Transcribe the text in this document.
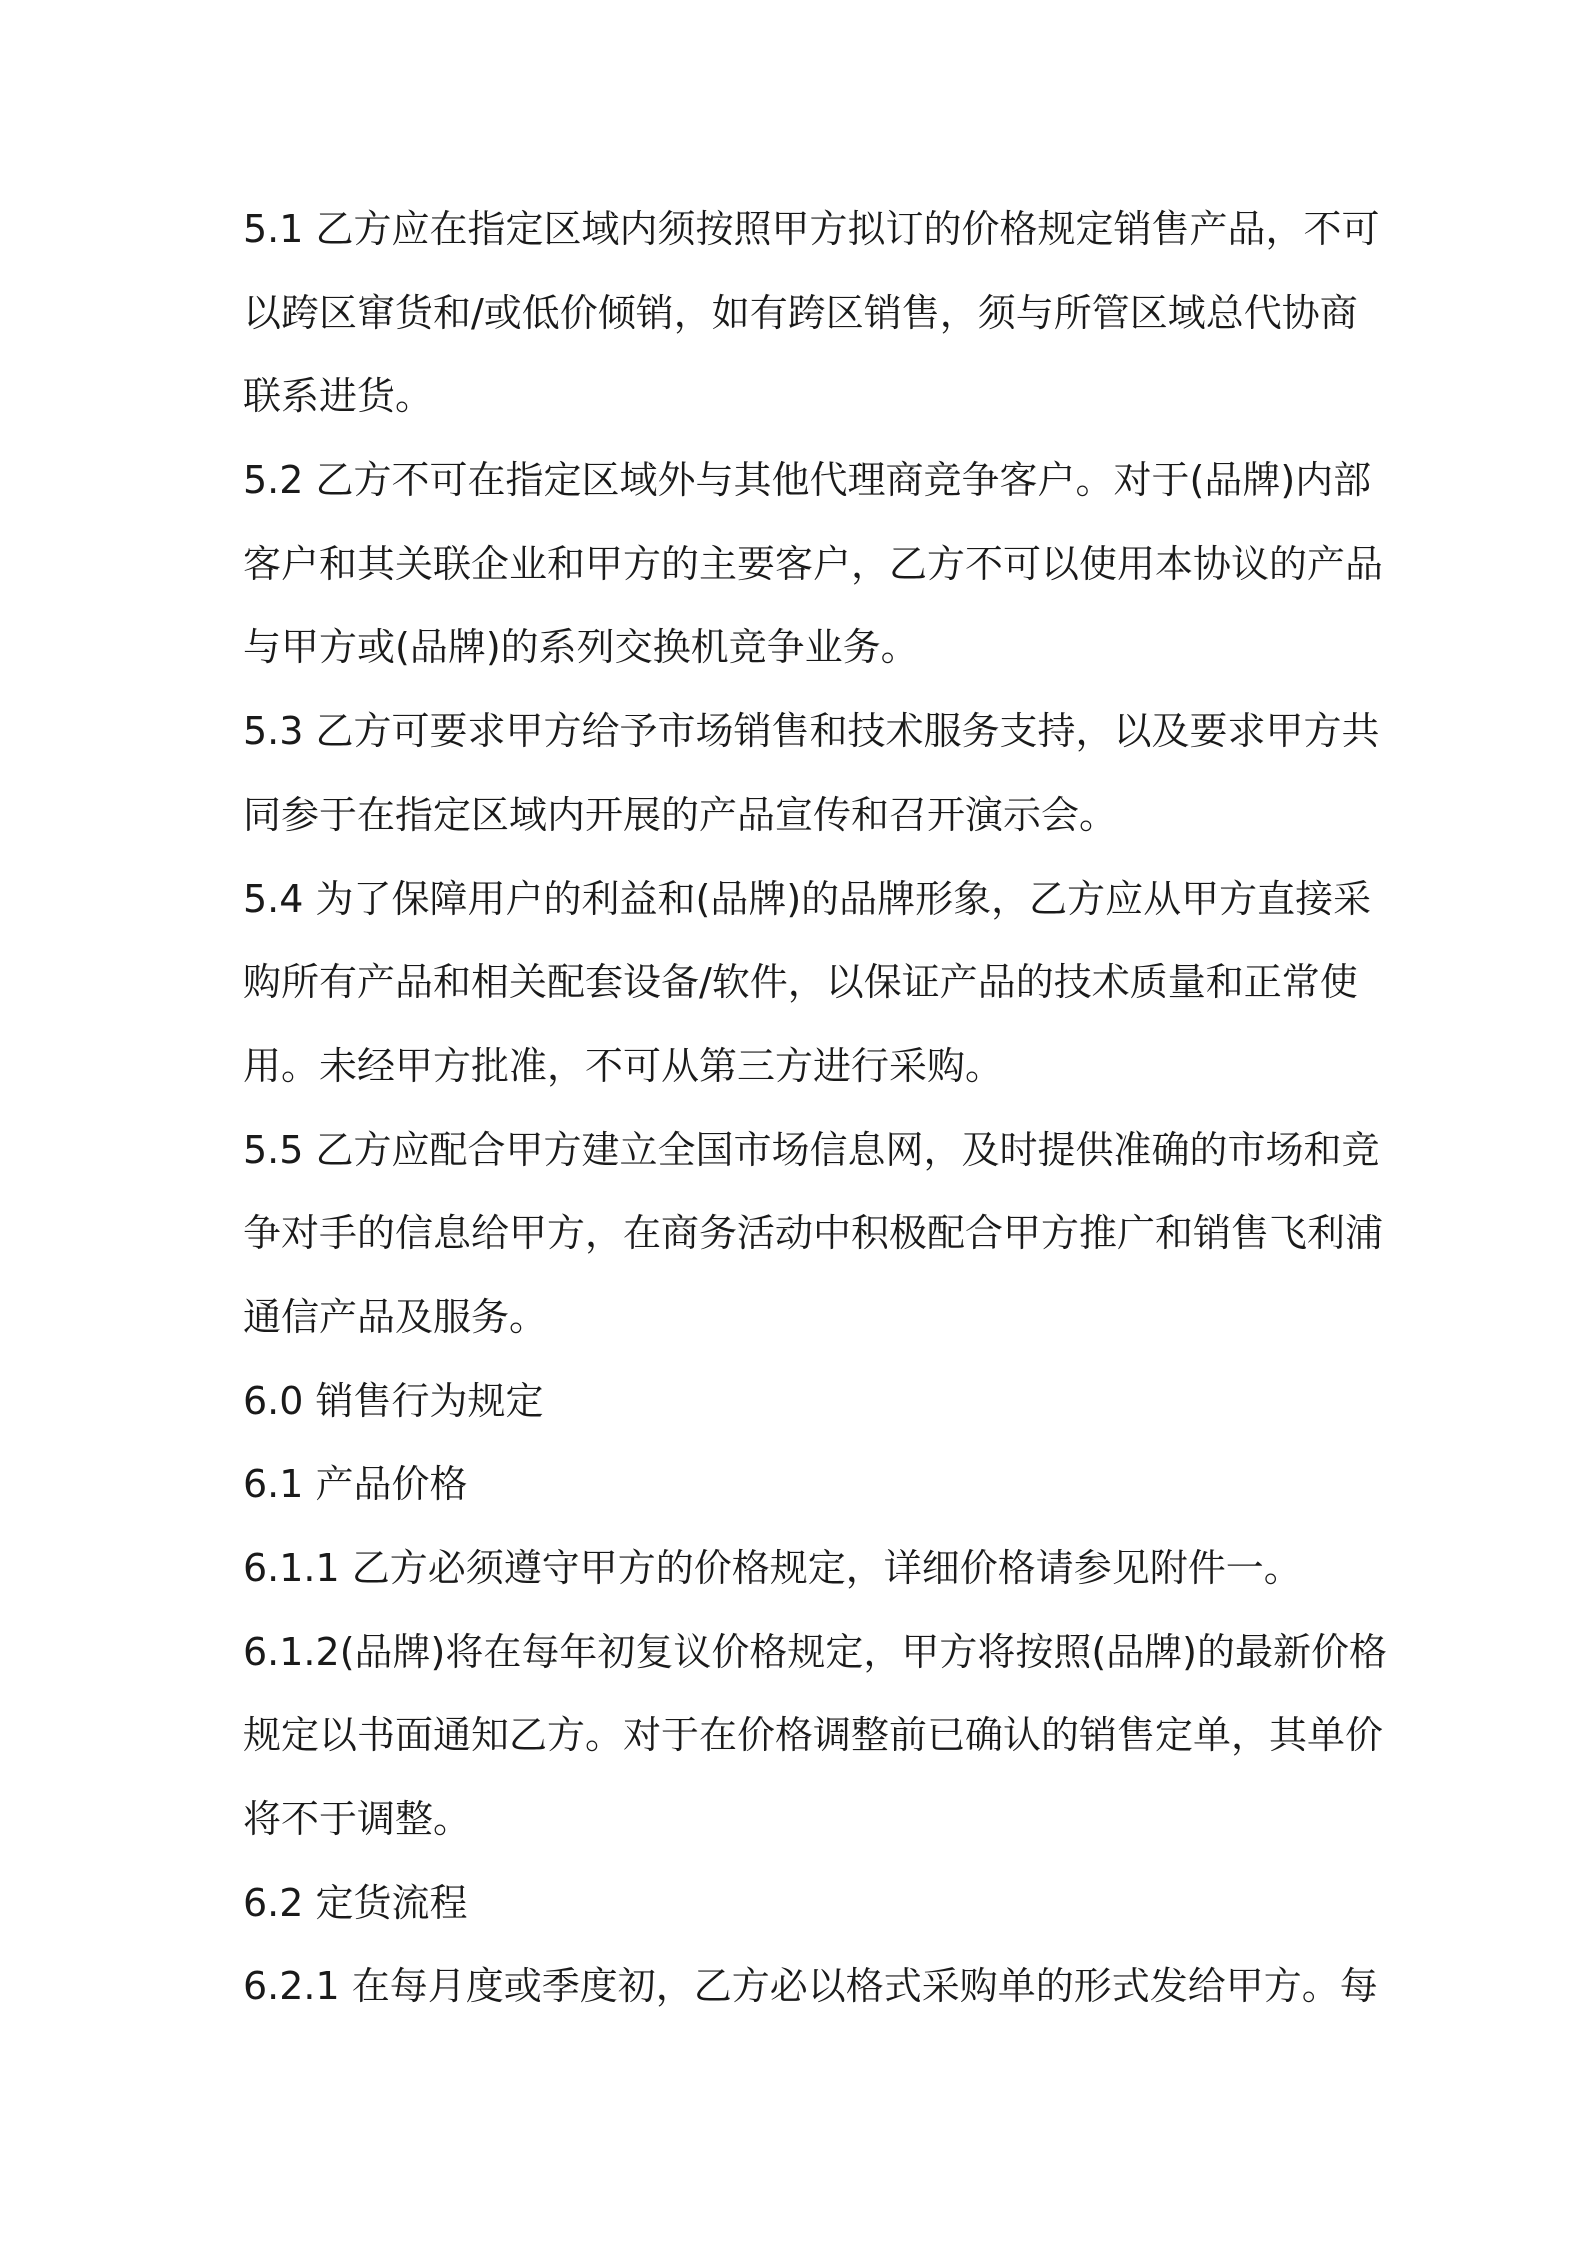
5.1 乙方应在指定区域内须按照甲方拟订的价格规定销售产品，不可
以跨区窜货和/或低价倾销，如有跨区销售，须与所管区域总代协商
联系进货。
5.2 乙方不可在指定区域外与其他代理商竞争客户。对于(品牌)内部
客户和其关联企业和甲方的主要客户，乙方不可以使用本协议的产品
与甲方或(品牌)的系列交换机竞争业务。
5.3 乙方可要求甲方给予市场销售和技术服务支持，以及要求甲方共
同参于在指定区域内开展的产品宣传和召开演示会。
5.4 为了保障用户的利益和(品牌)的品牌形象，乙方应从甲方直接采
购所有产品和相关配套设备/软件，以保证产品的技术质量和正常使
用。未经甲方批准，不可从第三方进行采购。
5.5 乙方应配合甲方建立全国市场信息网，及时提供准确的市场和竞
争对手的信息给甲方，在商务活动中积极配合甲方推广和销售飞利浦
通信产品及服务。
6.0 销售行为规定
6.1 产品价格
6.1.1 乙方必须遵守甲方的价格规定，详细价格请参见附件一。
6.1.2(品牌)将在每年初复议价格规定，甲方将按照(品牌)的最新价格
规定以书面通知乙方。对于在价格调整前已确认的销售定单，其单价
将不于调整。
6.2 定货流程
6.2.1 在每月度或季度初，乙方必以格式采购单的形式发给甲方。每
